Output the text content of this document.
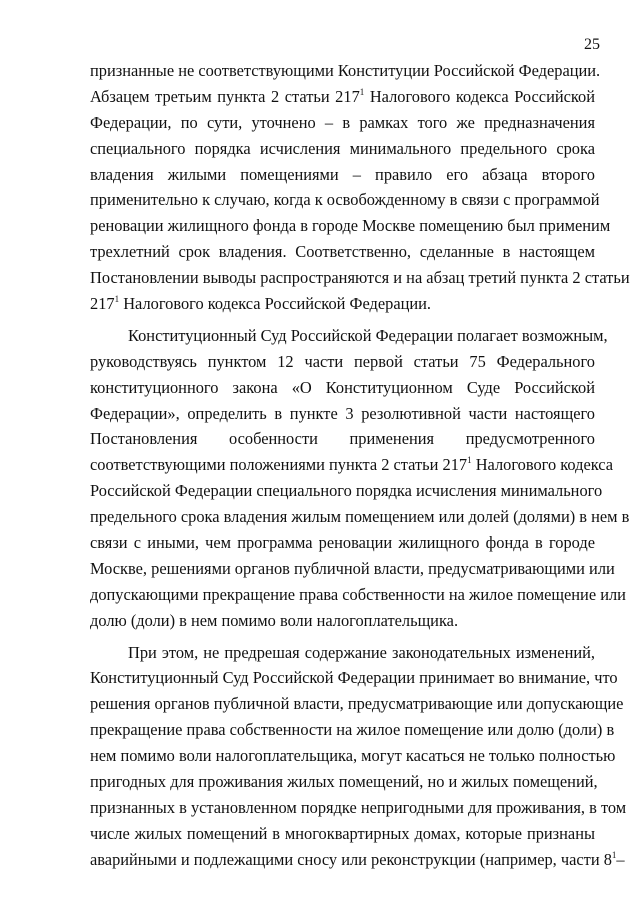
25
признанные не соответствующими Конституции Российской Федерации.
Абзацем третьим пункта 2 статьи $217^1$ Налогового кодекса Российской
Федерации, по сути, уточнено – в рамках того же предназначения
специального порядка исчисления минимального предельного срока
владения жилыми помещениями – правило его абзаца второго
применительно к случаю, когда к освобожденному в связи с программой
реновации жилищного фонда в городе Москве помещению был применим
трехлетний срок владения. Соответственно, сделанные в настоящем
Постановлении выводы распространяются и на абзац третий пункта 2 статьи
$217^1$ Налогового кодекса Российской Федерации.
Конституционный Суд Российской Федерации полагает возможным,
руководствуясь пунктом 12 части первой статьи 75 Федерального
конституционного закона «О Конституционном Суде Российской
Федерации», определить в пункте 3 резолютивной части настоящего
Постановления особенности применения предусмотренного
соответствующими положениями пункта 2 статьи $217^1$ Налогового кодекса
Российской Федерации специального порядка исчисления минимального
предельного срока владения жилым помещением или долей (долями) в нем в
связи с иными, чем программа реновации жилищного фонда в городе
Москве, решениями органов публичной власти, предусматривающими или
допускающими прекращение права собственности на жилое помещение или
долю (доли) в нем помимо воли налогоплательщика.
При этом, не предрешая содержание законодательных изменений,
Конституционный Суд Российской Федерации принимает во внимание, что
решения органов публичной власти, предусматривающие или допускающие
прекращение права собственности на жилое помещение или долю (доли) в
нем помимо воли налогоплательщика, могут касаться не только полностью
пригодных для проживания жилых помещений, но и жилых помещений,
признанных в установленном порядке непригодными для проживания, в том
числе жилых помещений в многоквартирных домах, которые признаны
аварийными и подлежащими сносу или реконструкции (например, части $8^1-$
